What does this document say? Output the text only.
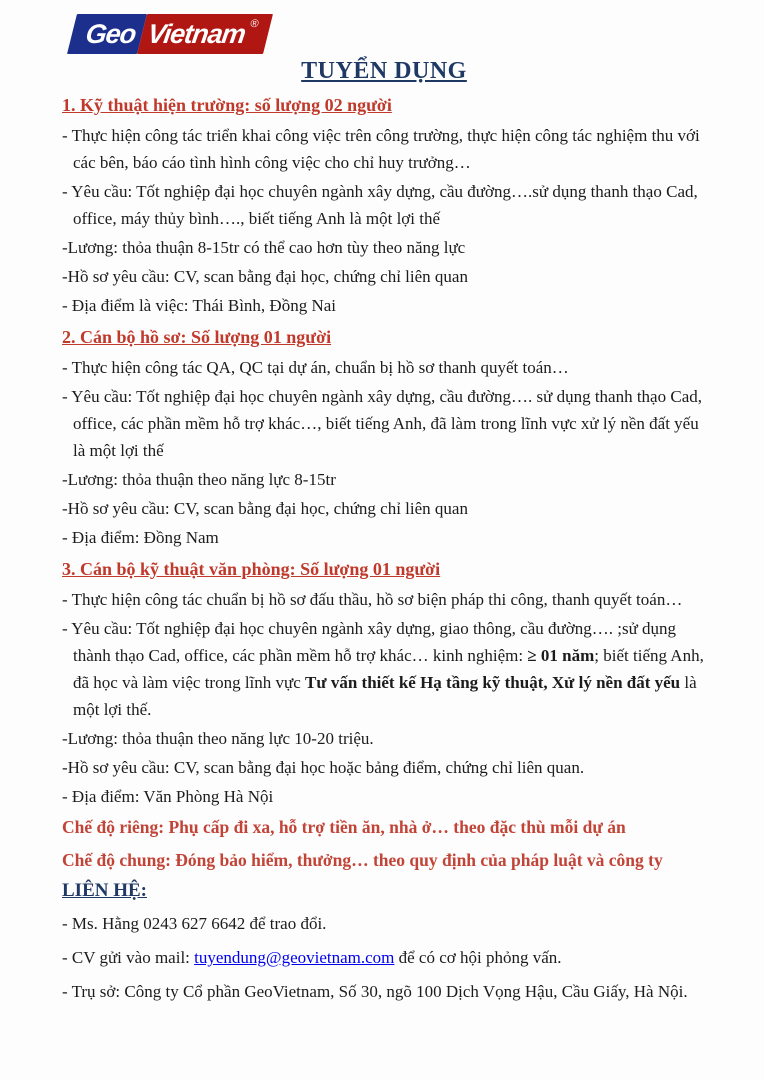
Geo Vietnam ®
TUYỂN DỤNG
1. Kỹ thuật hiện trường: số lượng 02 người

- Thực hiện công tác triển khai công việc trên công trường, thực hiện công tác nghiệm thu với các bên, báo cáo tình hình công việc cho chỉ huy trưởng…

- Yêu cầu: Tốt nghiệp đại học chuyên ngành xây dựng, cầu đường….sử dụng thanh thạo Cad, office, máy thủy bình…., biết tiếng Anh là một lợi thế

-Lương: thỏa thuận 8-15tr có thể cao hơn tùy theo năng lực

-Hồ sơ yêu cầu: CV, scan bằng đại học, chứng chỉ liên quan

- Địa điểm là việc: Thái Bình, Đồng Nai

2. Cán bộ hồ sơ: Số lượng 01 người

- Thực hiện công tác QA, QC tại dự án, chuẩn bị hồ sơ thanh quyết toán…

- Yêu cầu: Tốt nghiệp đại học chuyên ngành xây dựng, cầu đường…. sử dụng thanh thạo Cad, office, các phần mềm hỗ trợ khác…, biết tiếng Anh, đã làm trong lĩnh vực xử lý nền đất yếu là một lợi thế

-Lương: thỏa thuận theo năng lực 8-15tr

-Hồ sơ yêu cầu: CV, scan bằng đại học, chứng chỉ liên quan

- Địa điểm: Đồng Nam

3. Cán bộ kỹ thuật văn phòng: Số lượng 01 người

- Thực hiện công tác chuẩn bị hồ sơ đấu thầu, hồ sơ biện pháp thi công, thanh quyết toán…

- Yêu cầu: Tốt nghiệp đại học chuyên ngành xây dựng, giao thông, cầu đường…. ;sử dụng thành thạo Cad, office, các phần mềm hỗ trợ khác… kinh nghiệm: ≥ 01 năm; biết tiếng Anh, đã học và làm việc trong lĩnh vực Tư vấn thiết kế Hạ tầng kỹ thuật, Xử lý nền đất yếu là một lợi thế.

-Lương: thỏa thuận theo năng lực 10-20 triệu.

-Hồ sơ yêu cầu: CV, scan bằng đại học hoặc bảng điểm, chứng chỉ liên quan.

- Địa điểm: Văn Phòng Hà Nội

Chế độ riêng: Phụ cấp đi xa, hỗ trợ tiền ăn, nhà ở… theo đặc thù mỗi dự án

Chế độ chung: Đóng bảo hiểm, thưởng… theo quy định của pháp luật và công ty

LIÊN HỆ:

- Ms. Hằng 0243 627 6642 để trao đổi.

- CV gửi vào mail: tuyendung@geovietnam.com để có cơ hội phỏng vấn.

- Trụ sở: Công ty Cổ phần GeoVietnam, Số 30, ngõ 100 Dịch Vọng Hậu, Cầu Giấy, Hà Nội.
